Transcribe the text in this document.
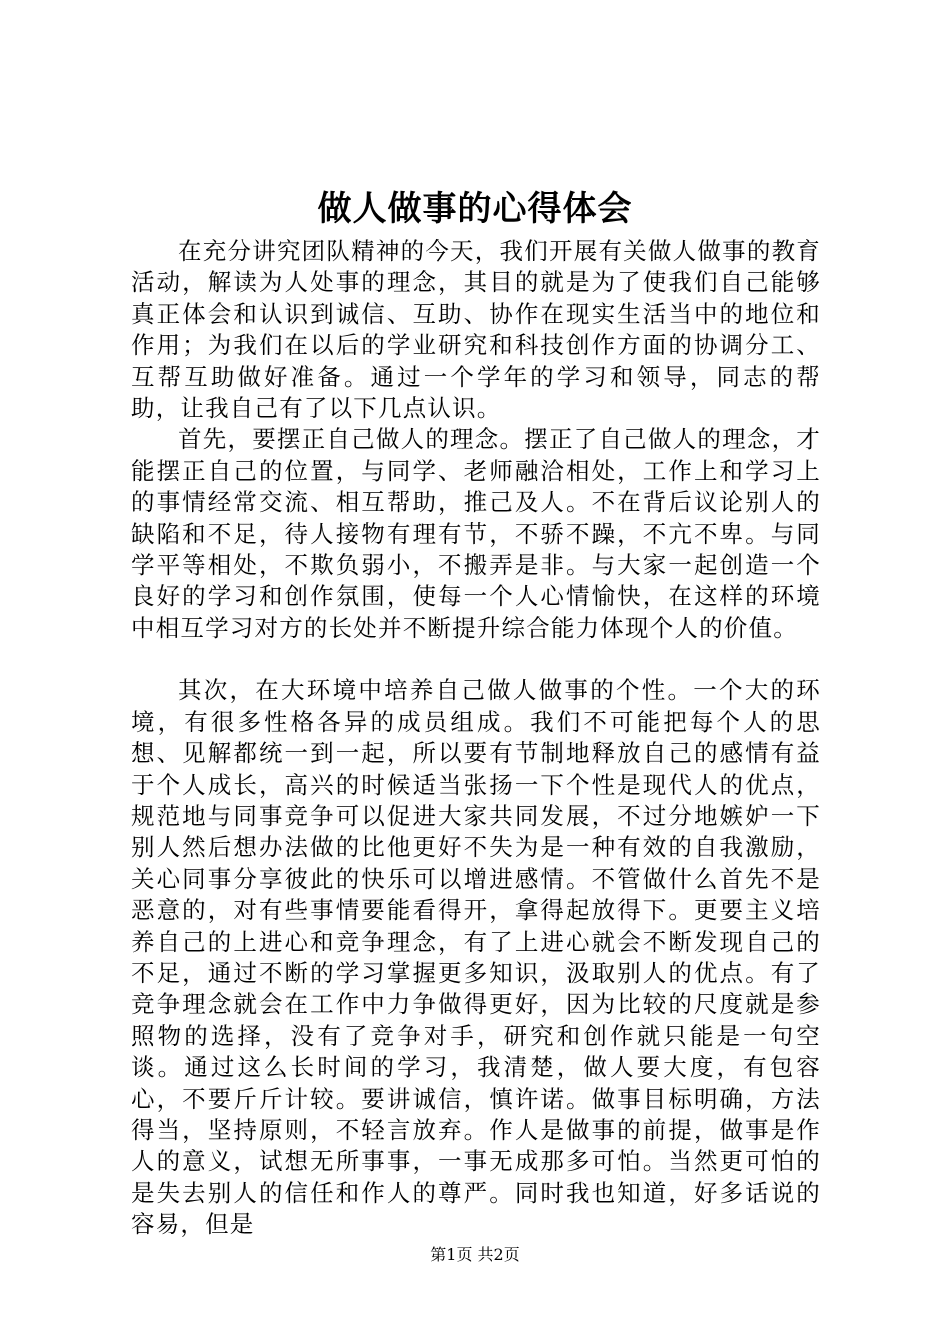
做人做事的心得体会

在充分讲究团队精神的今天，我们开展有关做人做事的教育活动，解读为人处事的理念，其目的就是为了使我们自己能够真正体会和认识到诚信、互助、协作在现实生活当中的地位和作用；为我们在以后的学业研究和科技创作方面的协调分工、互帮互助做好准备。通过一个学年的学习和领导，同志的帮助，让我自己有了以下几点认识。

首先，要摆正自己做人的理念。摆正了自己做人的理念，才能摆正自己的位置，与同学、老师融洽相处，工作上和学习上的事情经常交流、相互帮助，推己及人。不在背后议论别人的缺陷和不足，待人接物有理有节，不骄不躁，不亢不卑。与同学平等相处，不欺负弱小，不搬弄是非。与大家一起创造一个良好的学习和创作氛围，使每一个人心情愉快，在这样的环境中相互学习对方的长处并不断提升综合能力体现个人的价值。

其次，在大环境中培养自己做人做事的个性。一个大的环境，有很多性格各异的成员组成。我们不可能把每个人的思想、见解都统一到一起，所以要有节制地释放自己的感情有益于个人成长，高兴的时候适当张扬一下个性是现代人的优点，规范地与同事竞争可以促进大家共同发展，不过分地嫉妒一下别人然后想办法做的比他更好不失为是一种有效的自我激励，关心同事分享彼此的快乐可以增进感情。不管做什么首先不是恶意的，对有些事情要能看得开，拿得起放得下。更要主义培养自己的上进心和竞争理念，有了上进心就会不断发现自己的不足，通过不断的学习掌握更多知识，汲取别人的优点。有了竞争理念就会在工作中力争做得更好，因为比较的尺度就是参照物的选择，没有了竞争对手，研究和创作就只能是一句空谈。通过这么长时间的学习，我清楚，做人要大度，有包容心，不要斤斤计较。要讲诚信，慎许诺。做事目标明确，方法得当，坚持原则，不轻言放弃。作人是做事的前提，做事是作人的意义，试想无所事事，一事无成那多可怕。当然更可怕的是失去别人的信任和作人的尊严。同时我也知道，好多话说的容易，但是

第1页 共2页
